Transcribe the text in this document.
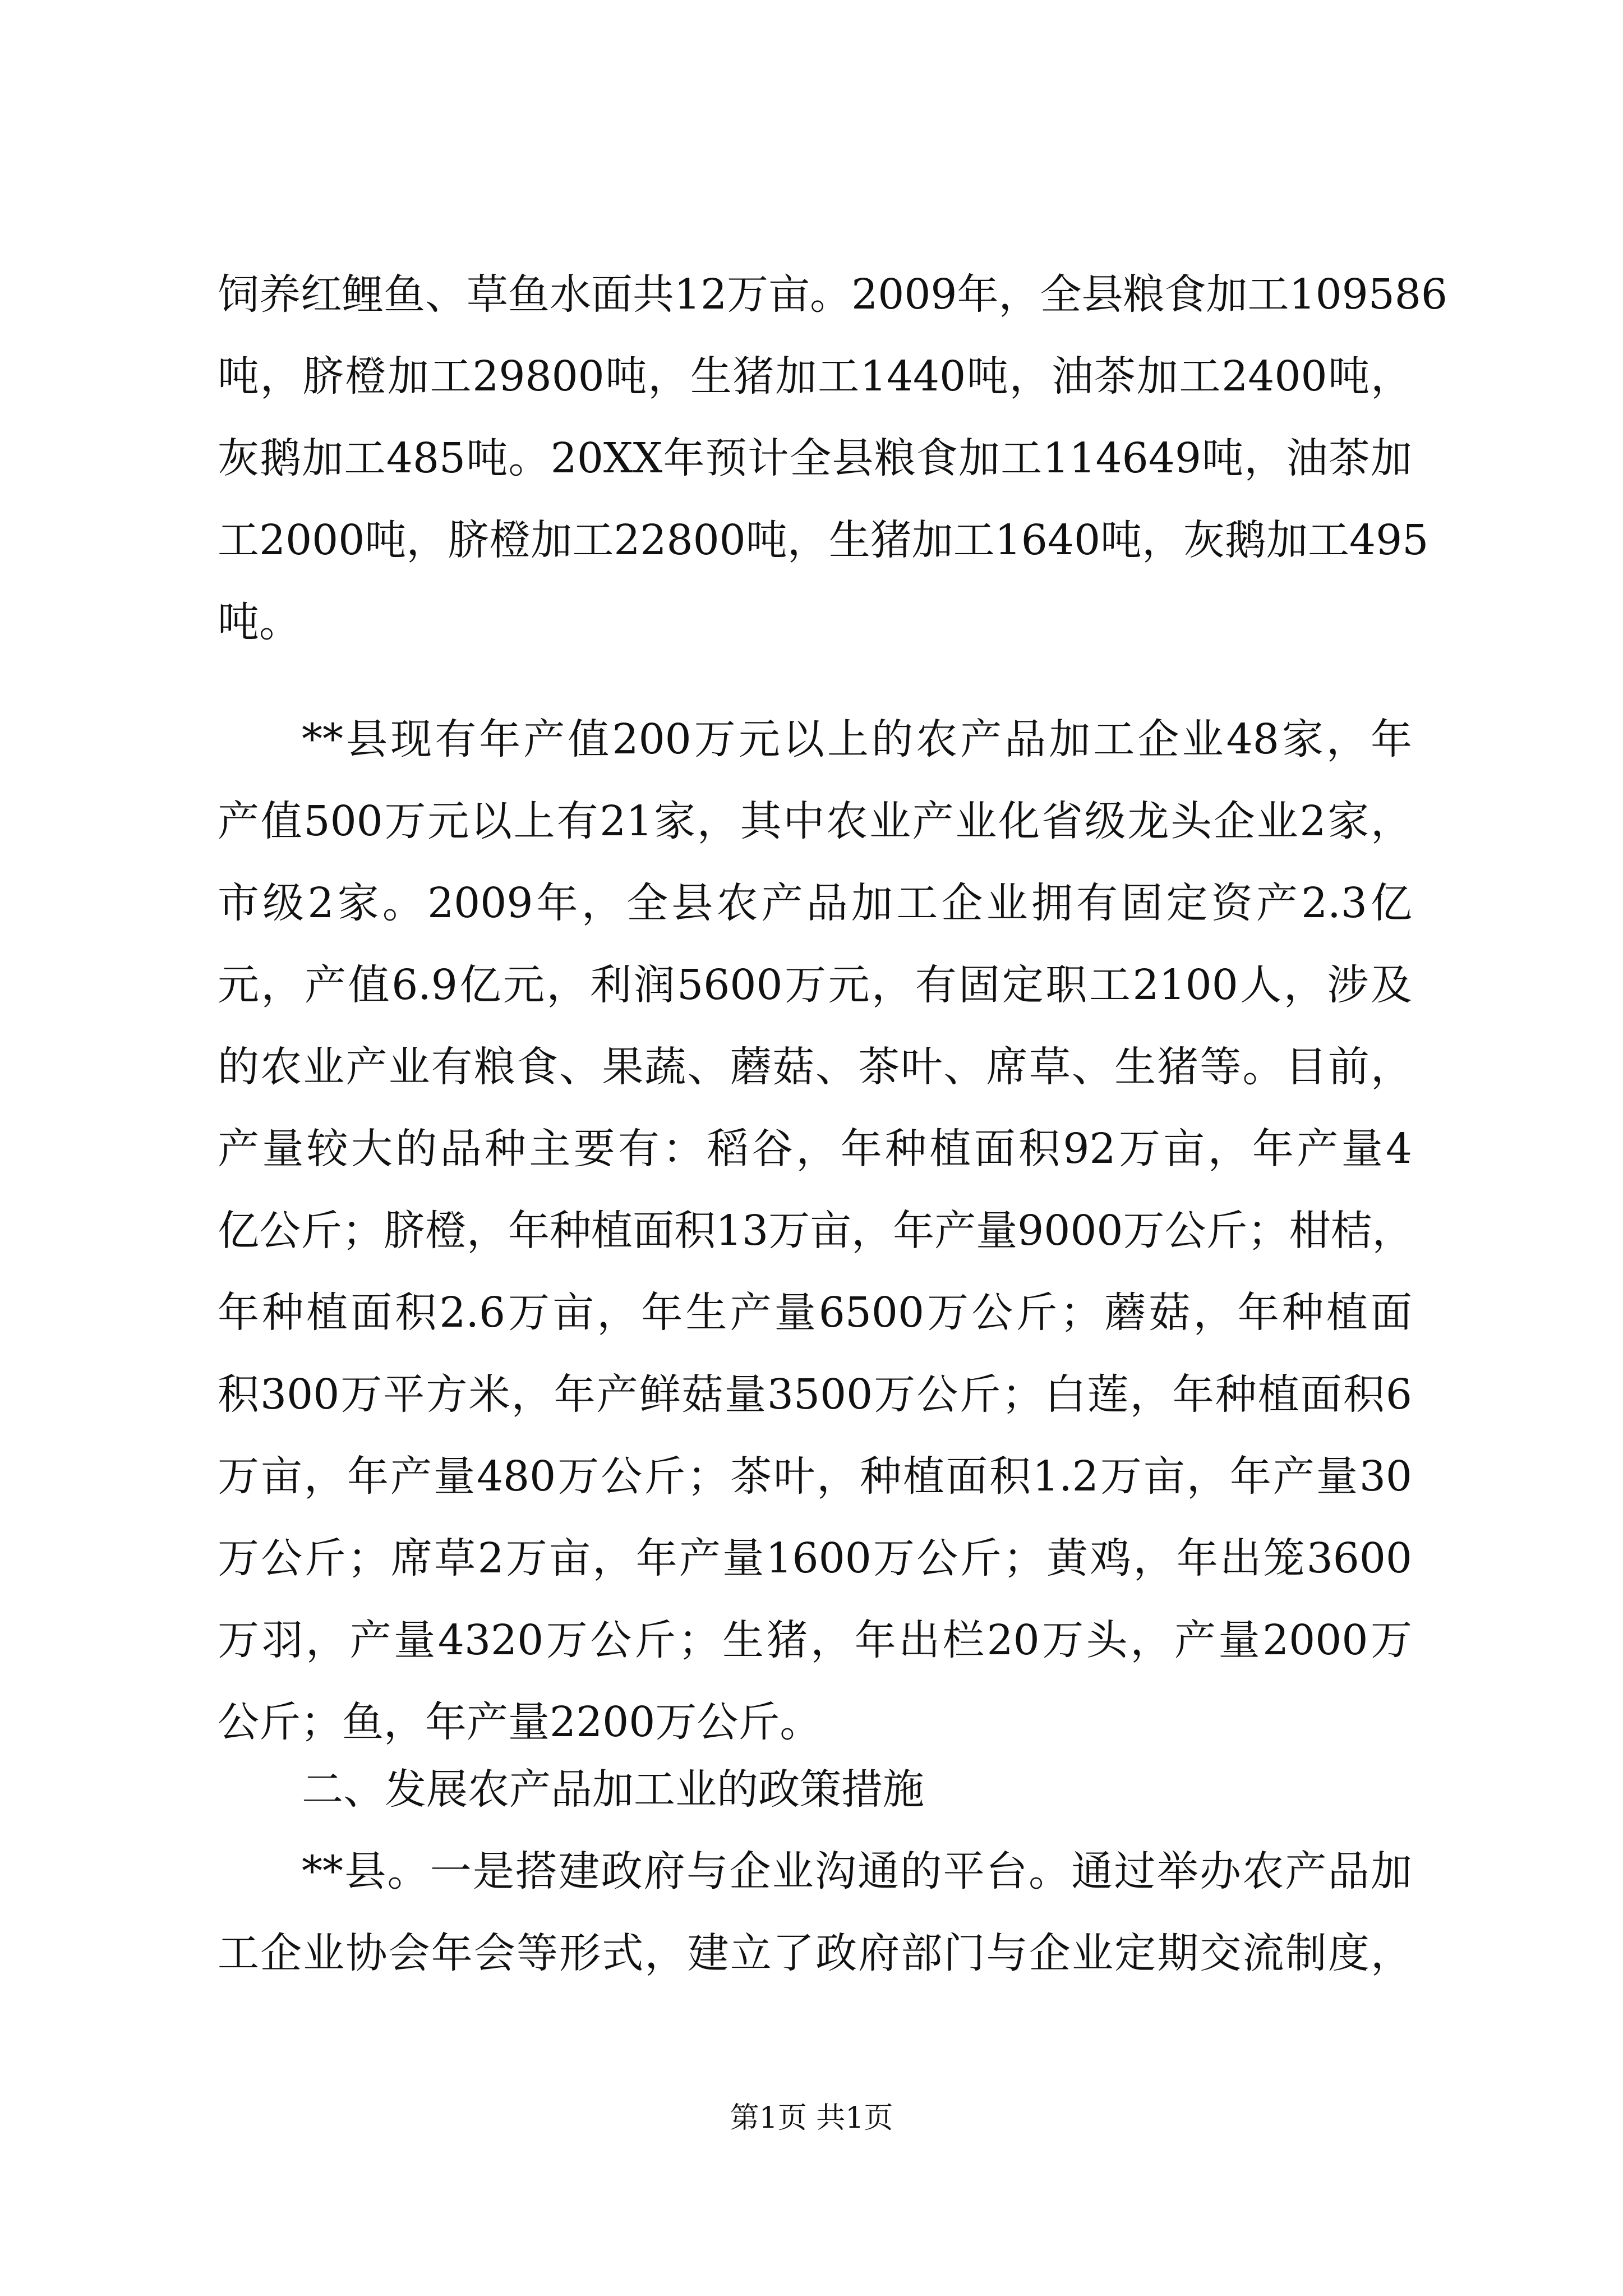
饲养红鲤鱼、草鱼水面共12万亩。2009年，全县粮食加工109586

吨，脐橙加工29800吨，生猪加工1440吨，油茶加工2400吨，

灰鹅加工485吨。20XX年预计全县粮食加工114649吨，油茶加

工2000吨，脐橙加工22800吨，生猪加工1640吨，灰鹅加工495

吨。

**县现有年产值200万元以上的农产品加工企业48家，年

产值500万元以上有21家，其中农业产业化省级龙头企业2家，

市级2家。2009年，全县农产品加工企业拥有固定资产2.3亿

元，产值6.9亿元，利润5600万元，有固定职工2100人，涉及

的农业产业有粮食、果蔬、蘑菇、茶叶、席草、生猪等。目前，

产量较大的品种主要有：稻谷，年种植面积92万亩，年产量4

亿公斤；脐橙，年种植面积13万亩，年产量9000万公斤；柑桔，

年种植面积2.6万亩，年生产量6500万公斤；蘑菇，年种植面

积300万平方米，年产鲜菇量3500万公斤；白莲，年种植面积6

万亩，年产量480万公斤；茶叶，种植面积1.2万亩，年产量30

万公斤；席草2万亩，年产量1600万公斤；黄鸡，年出笼3600

万羽，产量4320万公斤；生猪，年出栏20万头，产量2000万

公斤；鱼，年产量2200万公斤。

二、发展农产品加工业的政策措施

**县。一是搭建政府与企业沟通的平台。通过举办农产品加

工企业协会年会等形式，建立了政府部门与企业定期交流制度，

第1页 共1页
